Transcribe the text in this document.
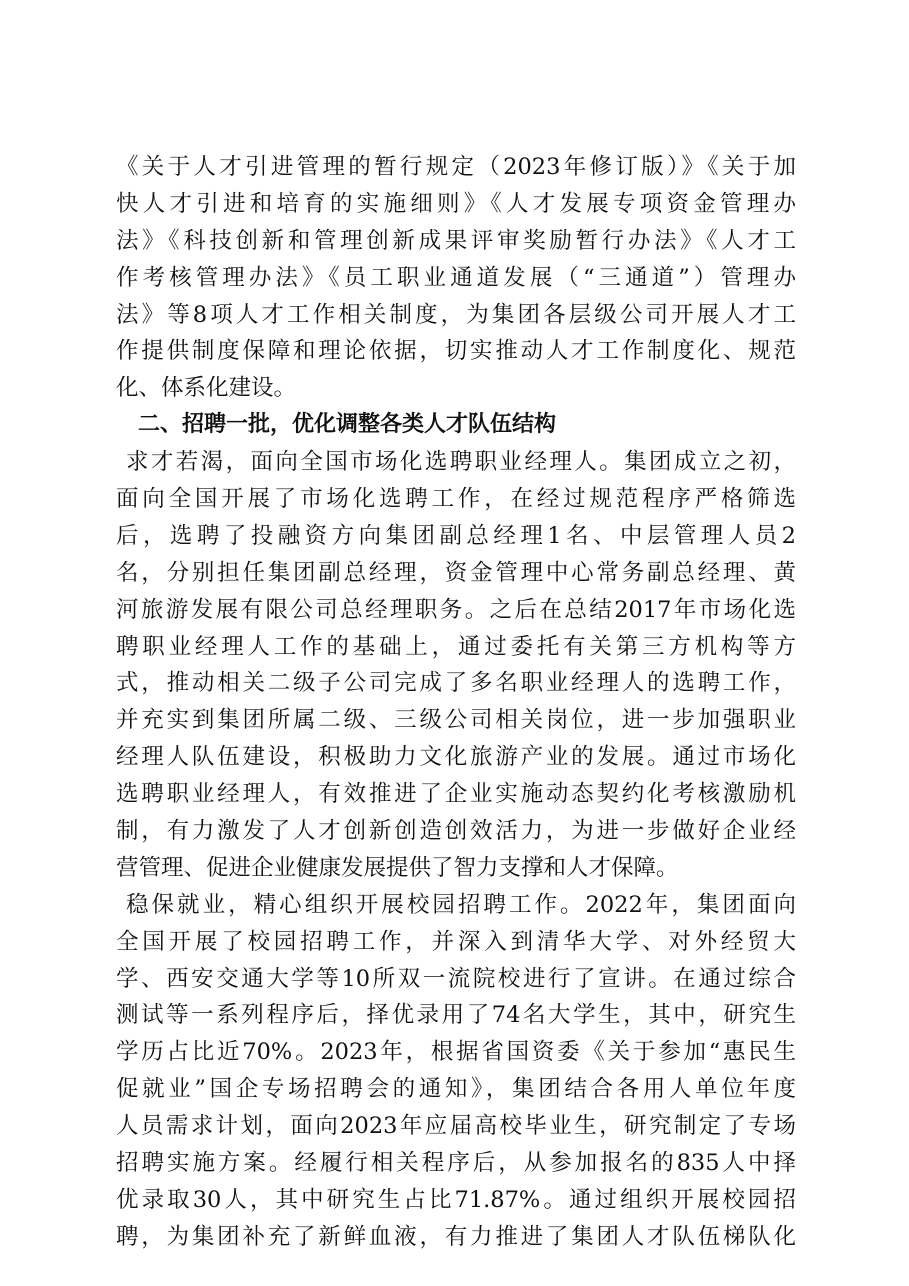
《关于人才引进管理的暂行规定（2023年修订版）》《关于加
快人才引进和培育的实施细则》《人才发展专项资金管理办
法》《科技创新和管理创新成果评审奖励暂行办法》《人才工
作考核管理办法》《员工职业通道发展（“三通道”）管理办
法》等8项人才工作相关制度，为集团各层级公司开展人才工
作提供制度保障和理论依据，切实推动人才工作制度化、规范
化、体系化建设。
二、招聘一批，优化调整各类人才队伍结构
求才若渴，面向全国市场化选聘职业经理人。集团成立之初，
面向全国开展了市场化选聘工作，在经过规范程序严格筛选
后，选聘了投融资方向集团副总经理1名、中层管理人员2
名，分别担任集团副总经理，资金管理中心常务副总经理、黄
河旅游发展有限公司总经理职务。之后在总结2017年市场化选
聘职业经理人工作的基础上，通过委托有关第三方机构等方
式，推动相关二级子公司完成了多名职业经理人的选聘工作，
并充实到集团所属二级、三级公司相关岗位，进一步加强职业
经理人队伍建设，积极助力文化旅游产业的发展。通过市场化
选聘职业经理人，有效推进了企业实施动态契约化考核激励机
制，有力激发了人才创新创造创效活力，为进一步做好企业经
营管理、促进企业健康发展提供了智力支撑和人才保障。
稳保就业，精心组织开展校园招聘工作。2022年，集团面向
全国开展了校园招聘工作，并深入到清华大学、对外经贸大
学、西安交通大学等10所双一流院校进行了宣讲。在通过综合
测试等一系列程序后，择优录用了74名大学生，其中，研究生
学历占比近70%。2023年，根据省国资委《关于参加“惠民生
促就业”国企专场招聘会的通知》，集团结合各用人单位年度
人员需求计划，面向2023年应届高校毕业生，研究制定了专场
招聘实施方案。经履行相关程序后，从参加报名的835人中择
优录取30人，其中研究生占比71.87%。通过组织开展校园招
聘，为集团补充了新鲜血液，有力推进了集团人才队伍梯队化
